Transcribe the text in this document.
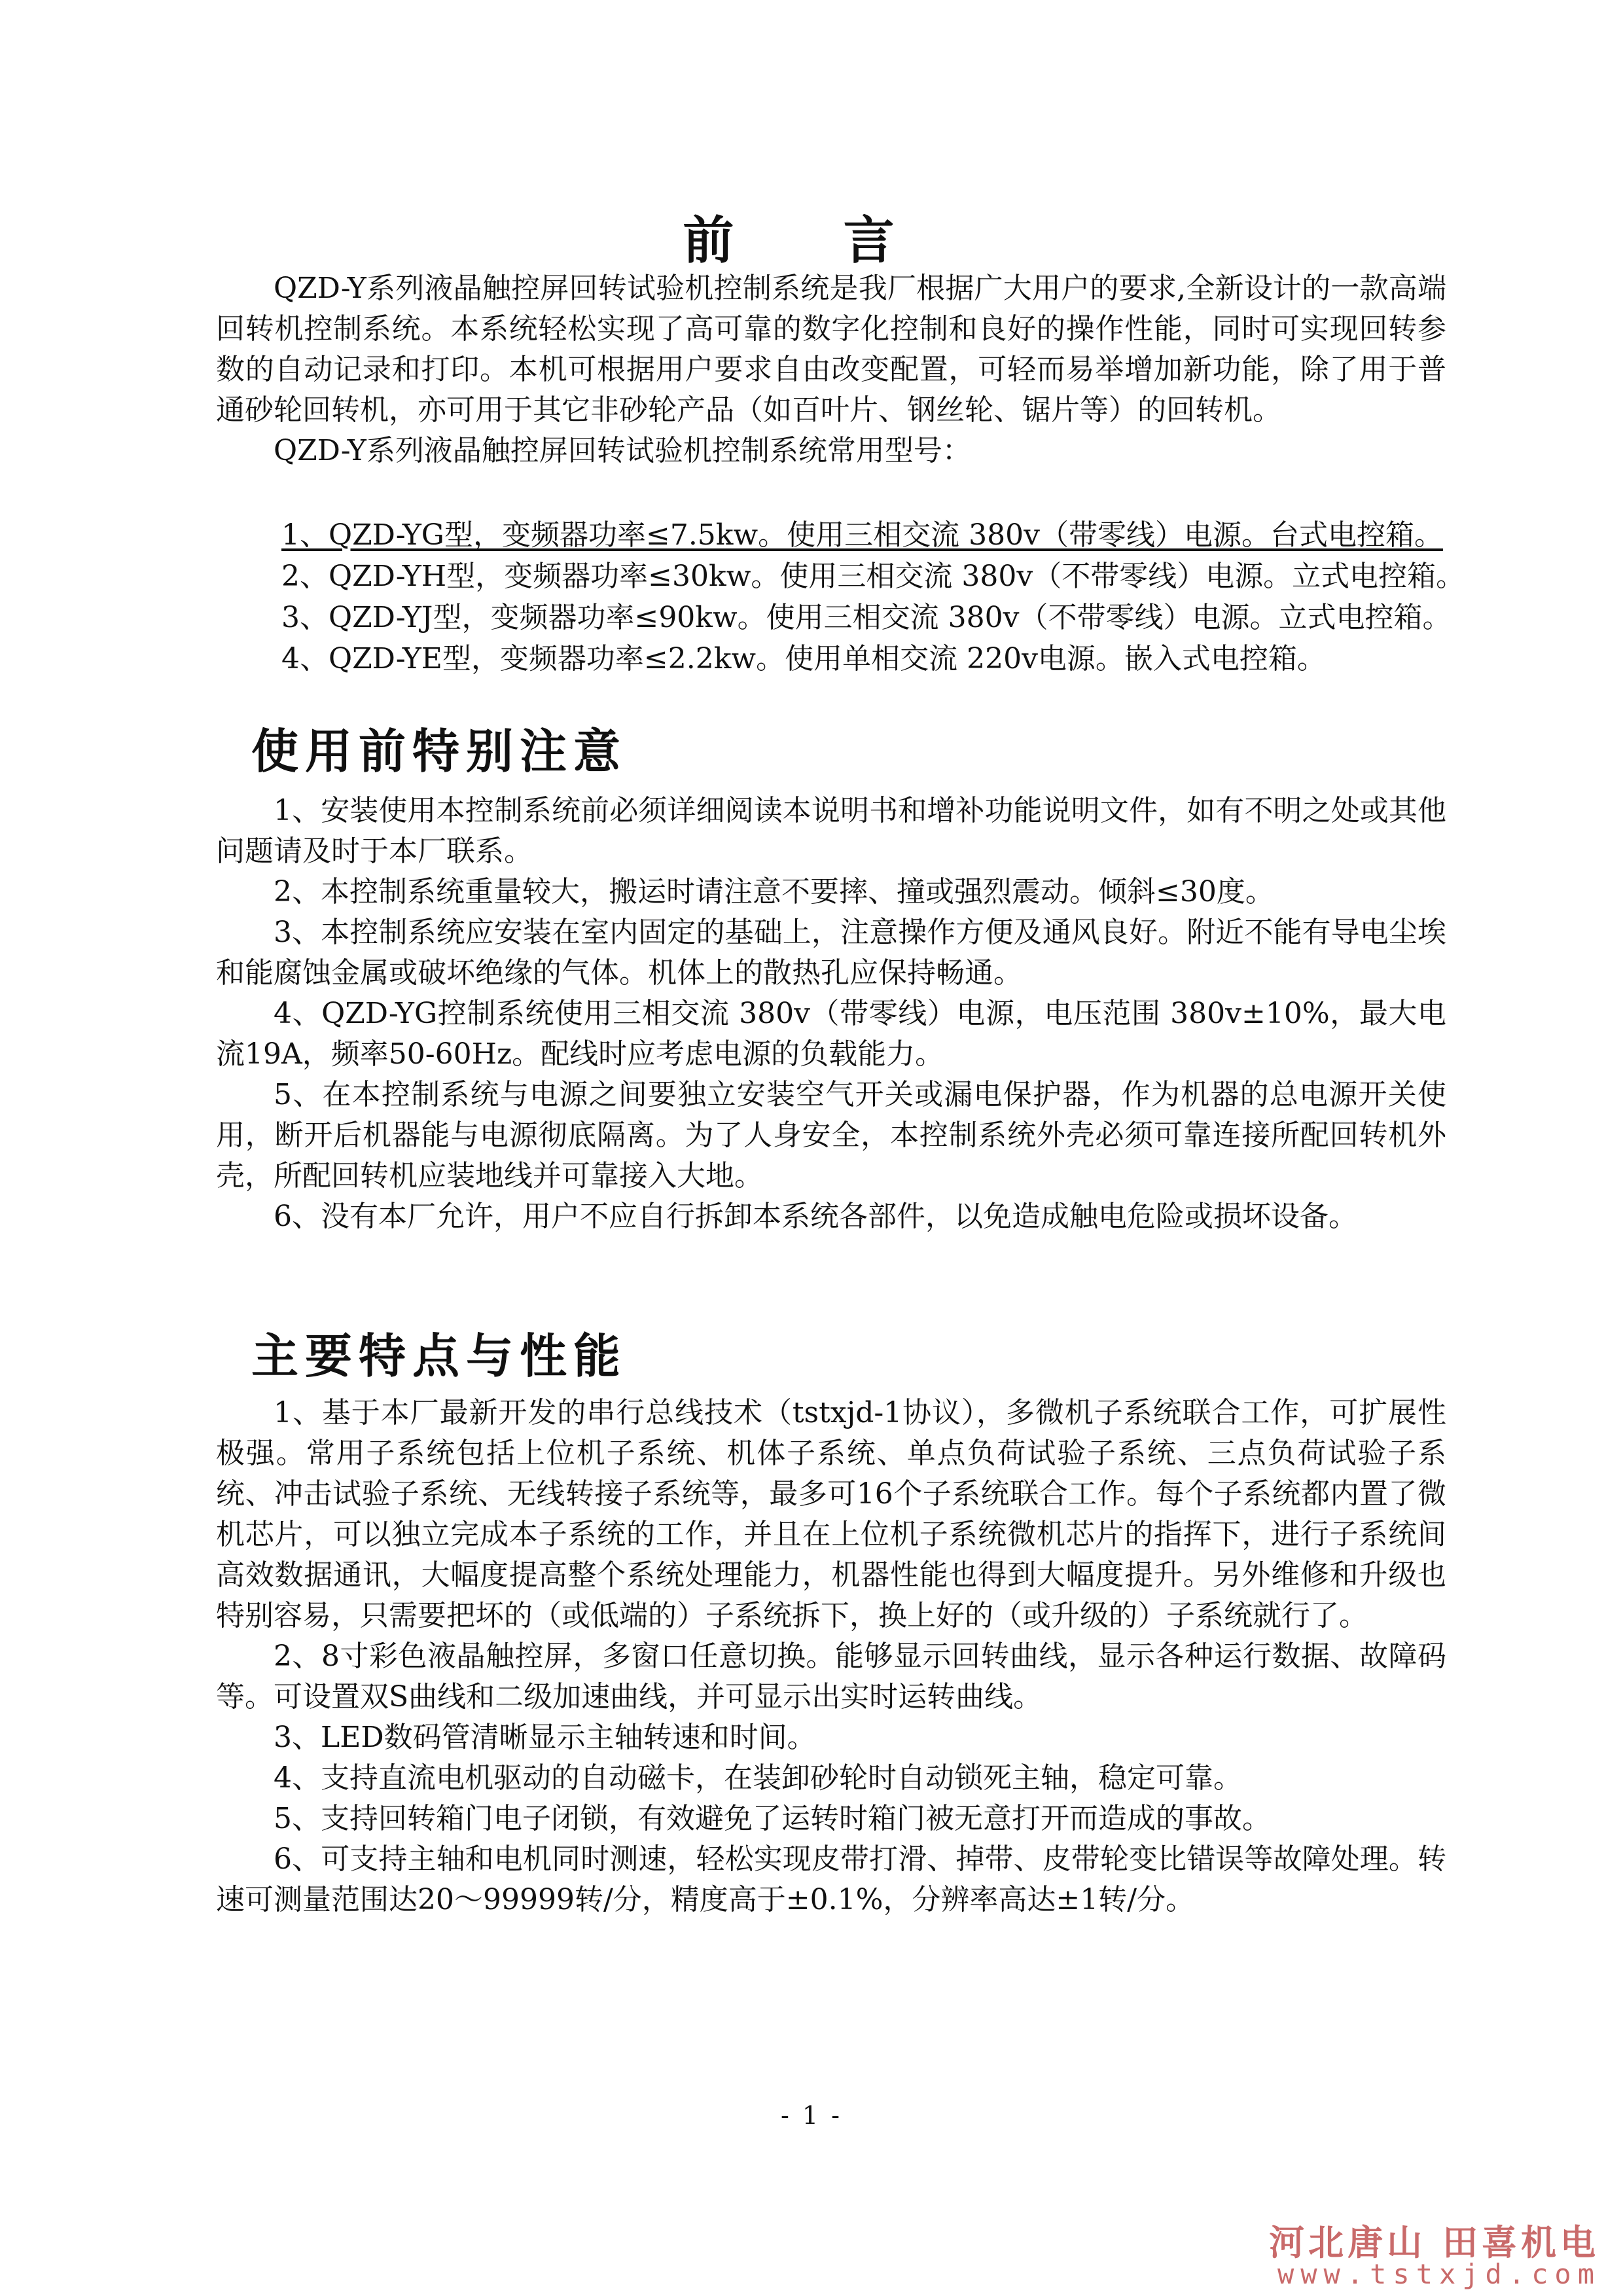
前 言

QZD-Y系列液晶触控屏回转试验机控制系统是我厂根据广大用户的要求,全新设计的一款高端回转机控制系统。本系统轻松实现了高可靠的数字化控制和良好的操作性能，同时可实现回转参数的自动记录和打印。本机可根据用户要求自由改变配置，可轻而易举增加新功能，除了用于普通砂轮回转机，亦可用于其它非砂轮产品（如百叶片、钢丝轮、锯片等）的回转机。

QZD-Y系列液晶触控屏回转试验机控制系统常用型号：

1、QZD-YG型，变频器功率≤7.5kw。使用三相交流 380v（带零线）电源。台式电控箱。
2、QZD-YH型，变频器功率≤30kw。使用三相交流 380v（不带零线）电源。立式电控箱。
3、QZD-YJ型，变频器功率≤90kw。使用三相交流 380v（不带零线）电源。立式电控箱。
4、QZD-YE型，变频器功率≤2.2kw。使用单相交流 220v电源。嵌入式电控箱。
使用前特别注意

1、安装使用本控制系统前必须详细阅读本说明书和增补功能说明文件，如有不明之处或其他问题请及时于本厂联系。

2、本控制系统重量较大，搬运时请注意不要摔、撞或强烈震动。倾斜≤30度。

3、本控制系统应安装在室内固定的基础上，注意操作方便及通风良好。附近不能有导电尘埃和能腐蚀金属或破坏绝缘的气体。机体上的散热孔应保持畅通。

4、QZD-YG控制系统使用三相交流 380v（带零线）电源，电压范围 380v±10%，最大电流19A，频率50-60Hz。配线时应考虑电源的负载能力。

5、在本控制系统与电源之间要独立安装空气开关或漏电保护器，作为机器的总电源开关使用，断开后机器能与电源彻底隔离。为了人身安全，本控制系统外壳必须可靠连接所配回转机外壳，所配回转机应装地线并可靠接入大地。

6、没有本厂允许，用户不应自行拆卸本系统各部件，以免造成触电危险或损坏设备。

主要特点与性能

1、基于本厂最新开发的串行总线技术（tstxjd-1协议），多微机子系统联合工作，可扩展性极强。常用子系统包括上位机子系统、机体子系统、单点负荷试验子系统、三点负荷试验子系统、冲击试验子系统、无线转接子系统等，最多可16个子系统联合工作。每个子系统都内置了微机芯片，可以独立完成本子系统的工作，并且在上位机子系统微机芯片的指挥下，进行子系统间高效数据通讯，大幅度提高整个系统处理能力，机器性能也得到大幅度提升。另外维修和升级也特别容易，只需要把坏的（或低端的）子系统拆下，换上好的（或升级的）子系统就行了。

2、8寸彩色液晶触控屏，多窗口任意切换。能够显示回转曲线，显示各种运行数据、故障码等。可设置双S曲线和二级加速曲线，并可显示出实时运转曲线。

3、LED数码管清晰显示主轴转速和时间。

4、支持直流电机驱动的自动磁卡，在装卸砂轮时自动锁死主轴，稳定可靠。

5、支持回转箱门电子闭锁，有效避免了运转时箱门被无意打开而造成的事故。

6、可支持主轴和电机同时测速，轻松实现皮带打滑、掉带、皮带轮变比错误等故障处理。转速可测量范围达20～99999转/分，精度高于±0.1%，分辨率高达±1转/分。

- 1 -
河北唐山 田喜机电
www.tstxjd.com
